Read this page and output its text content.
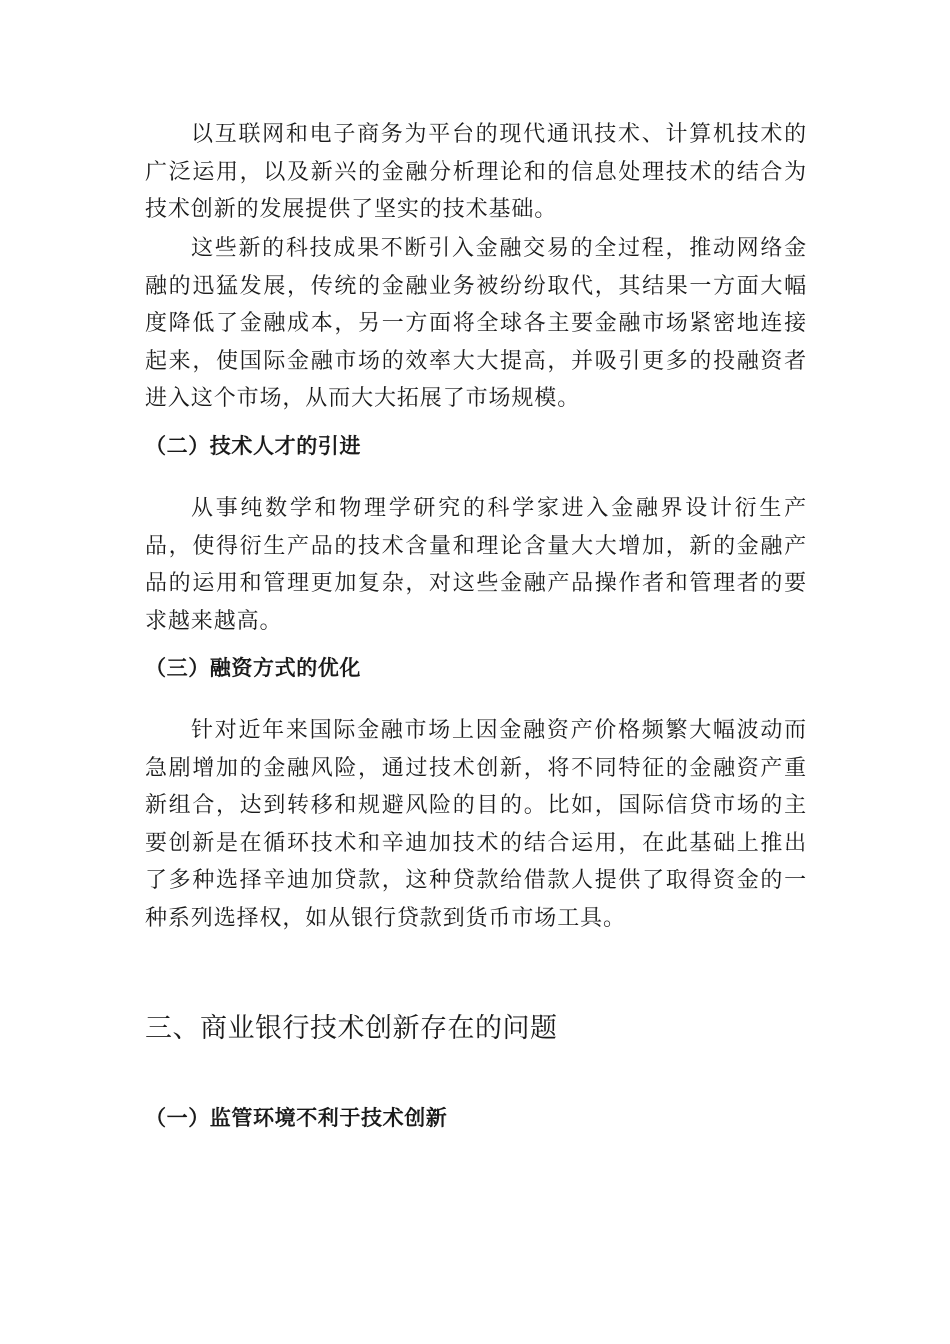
以互联网和电子商务为平台的现代通讯技术、计算机技术的广泛运用，以及新兴的金融分析理论和的信息处理技术的结合为技术创新的发展提供了坚实的技术基础。

这些新的科技成果不断引入金融交易的全过程，推动网络金融的迅猛发展，传统的金融业务被纷纷取代，其结果一方面大幅度降低了金融成本，另一方面将全球各主要金融市场紧密地连接起来，使国际金融市场的效率大大提高，并吸引更多的投融资者进入这个市场，从而大大拓展了市场规模。

（二）技术人才的引进

从事纯数学和物理学研究的科学家进入金融界设计衍生产品，使得衍生产品的技术含量和理论含量大大增加，新的金融产品的运用和管理更加复杂，对这些金融产品操作者和管理者的要求越来越高。

（三）融资方式的优化

针对近年来国际金融市场上因金融资产价格频繁大幅波动而急剧增加的金融风险，通过技术创新，将不同特征的金融资产重新组合，达到转移和规避风险的目的。比如，国际信贷市场的主要创新是在循环技术和辛迪加技术的结合运用，在此基础上推出了多种选择辛迪加贷款，这种贷款给借款人提供了取得资金的一种系列选择权，如从银行贷款到货币市场工具。

三、商业银行技术创新存在的问题
（一）监管环境不利于技术创新
